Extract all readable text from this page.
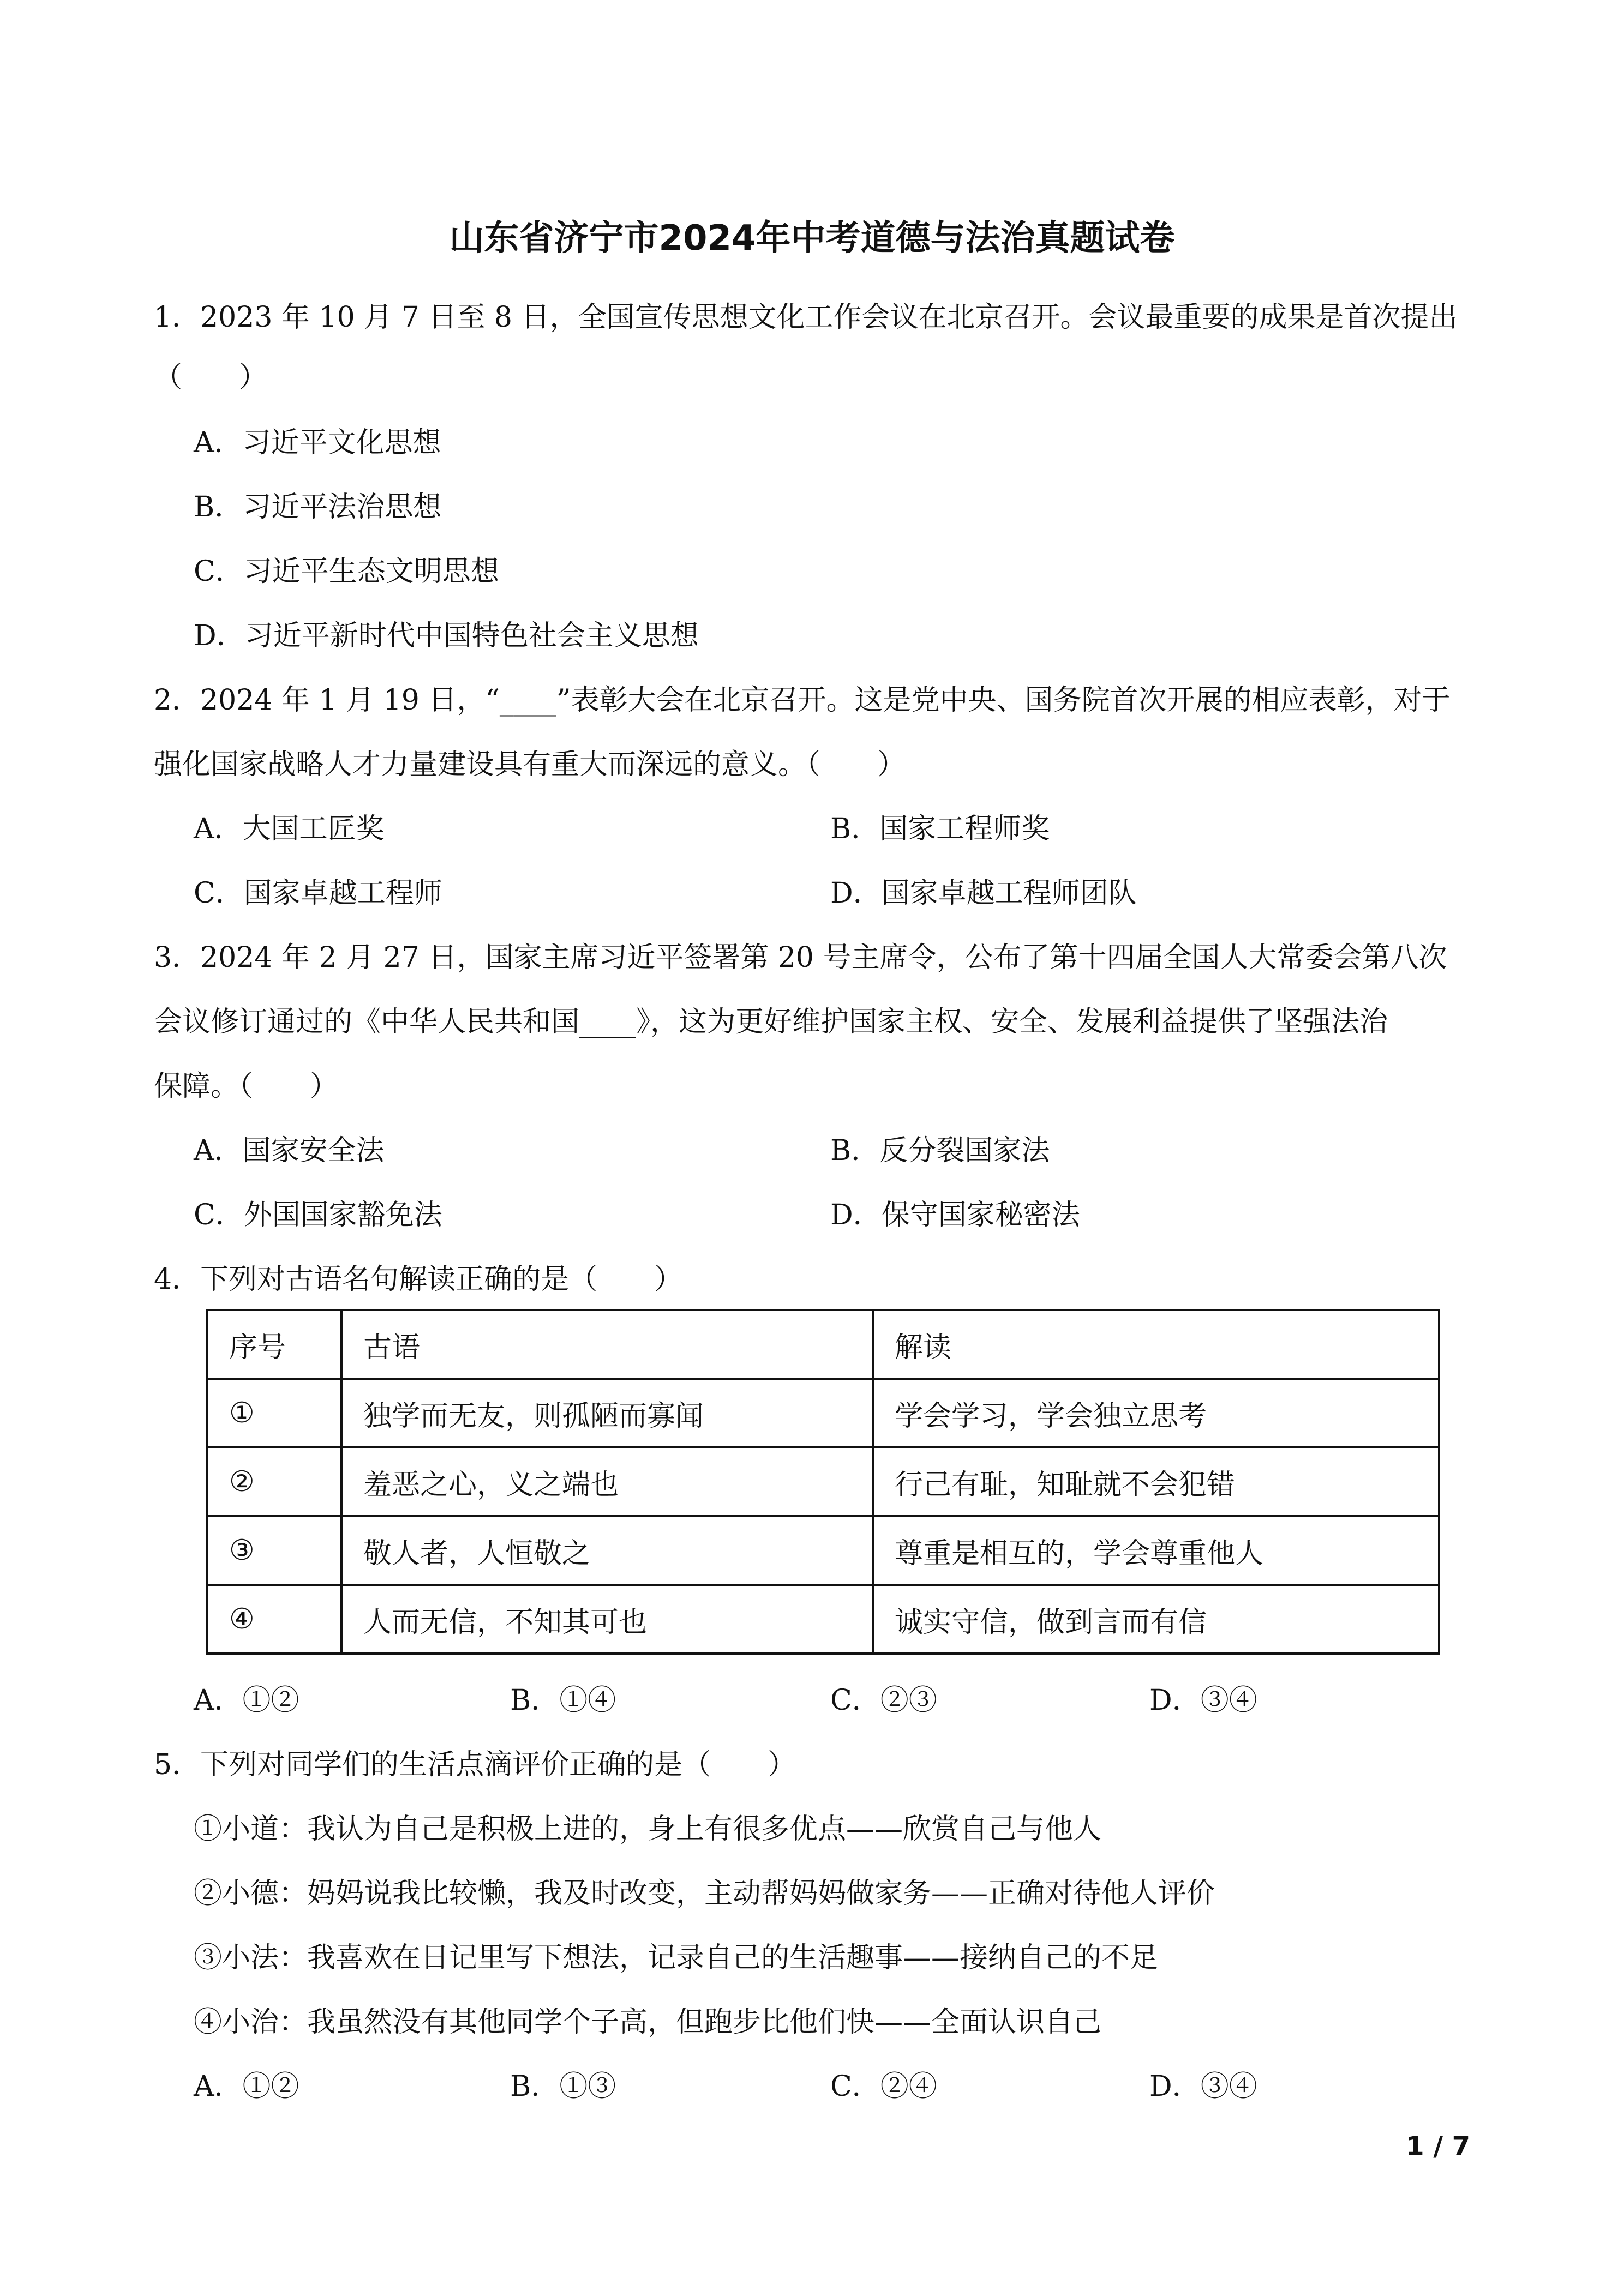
山东省济宁市2024年中考道德与法治真题试卷
1．2023 年 10 月 7 日至 8 日，全国宣传思想文化工作会议在北京召开。会议最重要的成果是首次提出
（　　）
A．习近平文化思想
B．习近平法治思想
C．习近平生态文明思想
D．习近平新时代中国特色社会主义思想
2．2024 年 1 月 19 日，“____”表彰大会在北京召开。这是党中央、国务院首次开展的相应表彰，对于
强化国家战略人才力量建设具有重大而深远的意义。（　　）
A．大国工匠奖	B．国家工程师奖
C．国家卓越工程师	D．国家卓越工程师团队
3．2024 年 2 月 27 日，国家主席习近平签署第 20 号主席令，公布了第十四届全国人大常委会第八次
会议修订通过的《中华人民共和国____》，这为更好维护国家主权、安全、发展利益提供了坚强法治
保障。（　　）
A．国家安全法	B．反分裂国家法
C．外国国家豁免法	D．保守国家秘密法
4．下列对古语名句解读正确的是（　　）
序号	古语	解读
①	独学而无友，则孤陋而寡闻	学会学习，学会独立思考
②	羞恶之心，义之端也	行己有耻，知耻就不会犯错
③	敬人者，人恒敬之	尊重是相互的，学会尊重他人
④	人而无信，不知其可也	诚实守信，做到言而有信
A．①②	B．①④	C．②③	D．③④
5．下列对同学们的生活点滴评价正确的是（　　）
①小道：我认为自己是积极上进的，身上有很多优点——欣赏自己与他人
②小德：妈妈说我比较懒，我及时改变，主动帮妈妈做家务——正确对待他人评价
③小法：我喜欢在日记里写下想法，记录自己的生活趣事——接纳自己的不足
④小治：我虽然没有其他同学个子高，但跑步比他们快——全面认识自己
A．①②	B．①③	C．②④	D．③④
1 / 7
